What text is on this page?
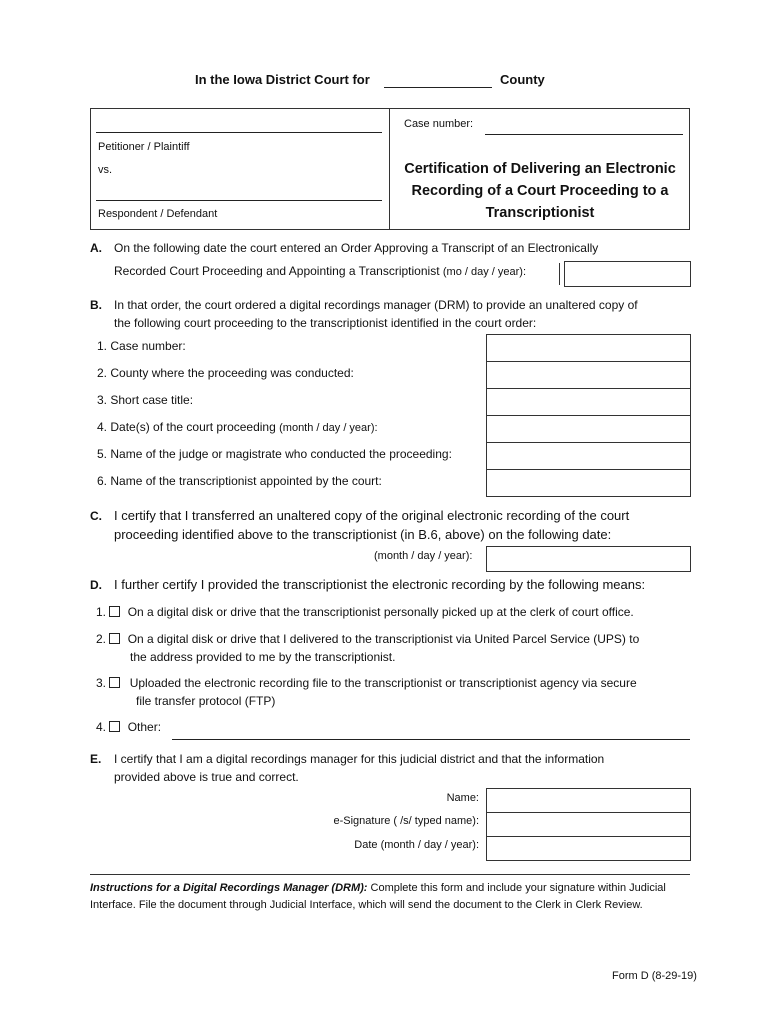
In the Iowa District Court for	County
Petitioner / Plaintiff
vs.
Respondent / Defendant
Case number:
Certification of Delivering an Electronic
Recording of a Court Proceeding to a
Transcriptionist
A. On the following date the court entered an Order Approving a Transcript of an Electronically
Recorded Court Proceeding and Appointing a Transcriptionist (mo / day / year):
B. In that order, the court ordered a digital recordings manager (DRM) to provide an unaltered copy of
the following court proceeding to the transcriptionist identified in the court order:
1. Case number:
2. County where the proceeding was conducted:
3. Short case title:
4. Date(s) of the court proceeding (month / day / year):
5. Name of the judge or magistrate who conducted the proceeding:
6. Name of the transcriptionist appointed by the court:
C. I certify that I transferred an unaltered copy of the original electronic recording of the court
proceeding identified above to the transcriptionist (in B.6, above) on the following date:
(month / day / year):
D. I further certify I provided the transcriptionist the electronic recording by the following means:
1. On a digital disk or drive that the transcriptionist personally picked up at the clerk of court office.
2. On a digital disk or drive that I delivered to the transcriptionist via United Parcel Service (UPS) to
the address provided to me by the transcriptionist.
3. Uploaded the electronic recording file to the transcriptionist or transcriptionist agency via secure
file transfer protocol (FTP)
4. Other:
E. I certify that I am a digital recordings manager for this judicial district and that the information
provided above is true and correct.
Name:
e-Signature ( /s/ typed name):
Date (month / day / year):
Instructions for a Digital Recordings Manager (DRM): Complete this form and include your signature within Judicial
Interface. File the document through Judicial Interface, which will send the document to the Clerk in Clerk Review.
Form D (8-29-19)
